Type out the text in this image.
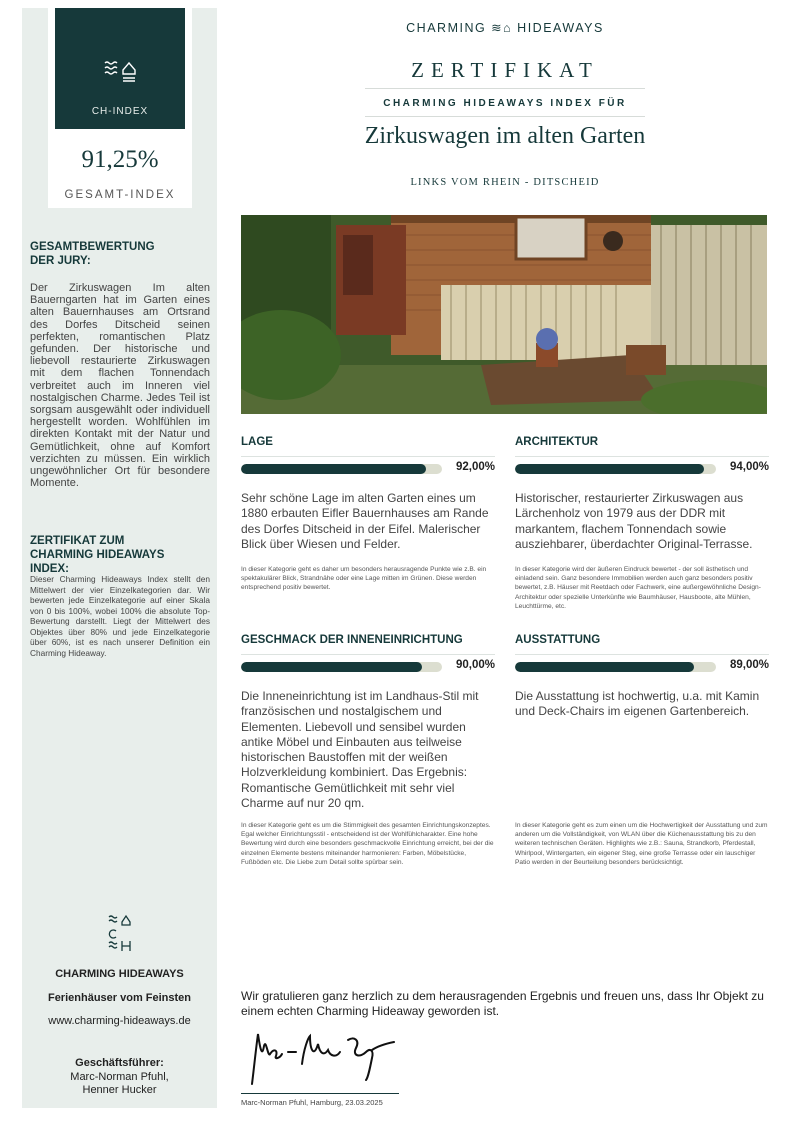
CH-INDEX
91,25%
GESAMT-INDEX
GESAMTBEWERTUNG
DER JURY:
Der Zirkuswagen Im alten Bauerngarten hat im Garten eines alten Bauernhauses am Ortsrand des Dorfes Ditscheid seinen perfekten, romantischen Platz gefunden. Der historische und liebevoll restaurierte Zirkuswagen mit dem flachen Tonnendach verbreitet auch im Inneren viel nostalgischen Charme. Jedes Teil ist sorgsam ausgewählt oder individuell hergestellt worden. Wohlfühlen im direkten Kontakt mit der Natur und Gemütlichkeit, ohne auf Komfort verzichten zu müssen. Ein wirklich ungewöhnlicher Ort für besondere Momente.
ZERTIFIKAT ZUM
CHARMING HIDEAWAYS INDEX:
Dieser Charming Hideaways Index stellt den Mittelwert der vier Einzelkategorien dar. Wir bewerten jede Einzelkategorie auf einer Skala von 0 bis 100%, wobei 100% die absolute Top-Bewertung darstellt. Liegt der Mittelwert des Objektes über 80% und jede Einzelkategorie über 60%, ist es nach unserer Definition ein Charming Hideaway.
CHARMING HIDEAWAYS
Ferienhäuser vom Feinsten
www.charming-hideaways.de
Geschäftsführer:
Marc-Norman Pfuhl,
Henner Hucker
CHARMING ≋⌂ HIDEAWAYS
ZERTIFIKAT
CHARMING HIDEAWAYS INDEX FÜR
Zirkuswagen im alten Garten
LINKS VOM RHEIN - DITSCHEID
LAGE
92,00%
Sehr schöne Lage im alten Garten eines um 1880 erbauten Eifler Bauernhauses am Rande des Dorfes Ditscheid in der Eifel. Malerischer Blick über Wiesen und Felder.
In dieser Kategorie geht es daher um besonders herausragende Punkte wie z.B. ein spektakulärer Blick, Strandnähe oder eine Lage mitten im Grünen. Diese werden entsprechend positiv bewertet.
ARCHITEKTUR
94,00%
Historischer, restaurierter Zirkuswagen aus Lärchenholz von 1979 aus der DDR mit markantem, flachem Tonnendach sowie ausziehbarer, überdachter Original-Terrasse.
In dieser Kategorie wird der äußeren Eindruck bewertet - der soll ästhetisch und einladend sein. Ganz besondere Immobilien werden auch ganz besonders positiv bewertet, z.B. Häuser mit Reetdach oder Fachwerk, eine außergewöhnliche Design-Architektur oder spezielle Unterkünfte wie Baumhäuser, Hausboote, alte Mühlen, Leuchttürme, etc.
GESCHMACK DER INNENEINRICHTUNG
90,00%
Die Inneneinrichtung ist im Landhaus-Stil mit französischen und nostalgischem und Elementen. Liebevoll und sensibel wurden antike Möbel und Einbauten aus teilweise historischen Baustoffen mit der weißen Holzverkleidung kombiniert. Das Ergebnis: Romantische Gemütlichkeit mit sehr viel Charme auf nur 20 qm.
In dieser Kategorie geht es um die Stimmigkeit des gesamten Einrichtungskonzeptes. Egal welcher Einrichtungsstil - entscheidend ist der Wohlfühlcharakter. Eine hohe Bewertung wird durch eine besonders geschmackvolle Einrichtung erreicht, bei der die einzelnen Elemente bestens miteinander harmonieren: Farben, Möbelstücke, Fußböden etc. Die Liebe zum Detail sollte spürbar sein.
AUSSTATTUNG
89,00%
Die Ausstattung ist hochwertig, u.a. mit Kamin und Deck-Chairs im eigenen Gartenbereich.
In dieser Kategorie geht es zum einen um die Hochwertigkeit der Ausstattung und zum anderen um die Vollständigkeit, von WLAN über die Küchenausstattung bis zu den weiteren technischen Geräten. Highlights wie z.B.: Sauna, Strandkorb, Pferdestall, Whirlpool, Wintergarten, ein eigener Steg, eine große Terrasse oder ein lauschiger Patio werden in der Beurteilung besonders berücksichtigt.
Wir gratulieren ganz herzlich zu dem herausragenden Ergebnis und freuen uns, dass Ihr Objekt zu einem echten Charming Hideaway geworden ist.
Marc-Norman Pfuhl, Hamburg, 23.03.2025
